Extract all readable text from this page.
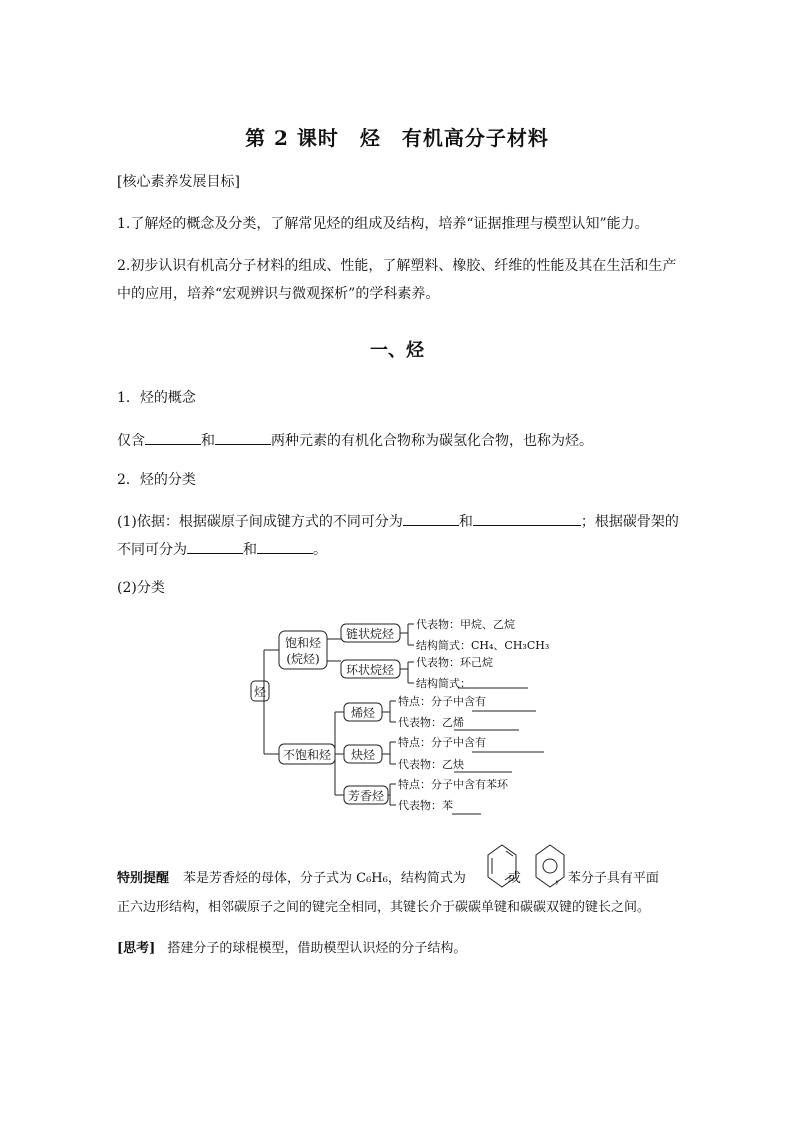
第 2 课时　烃　有机高分子材料
[核心素养发展目标]
1.了解烃的概念及分类，了解常见烃的组成及结构，培养“证据推理与模型认知”能力。
2.初步认识有机高分子材料的组成、性能，了解塑料、橡胶、纤维的性能及其在生活和生产
中的应用，培养“宏观辨识与微观探析”的学科素养。
一、烃
1．烃的概念
仅含	和	两种元素的有机化合物称为碳氢化合物，也称为烃。
2．烃的分类
(1)依据：根据碳原子间成键方式的不同可分为	和	；根据碳骨架的
不同可分为	和	。
(2)分类
烃
饱和烃
(烷烃)
链状烷烃
环状烷烃
不饱和烃
烯烃
炔烃
芳香烃
代表物：甲烷、乙烷
结构简式：CH₄、CH₃CH₃
代表物：环己烷
结构简式：
特点：分子中含有
代表物：乙烯
特点：分子中含有
代表物：乙炔
特点：分子中含有苯环
代表物：苯
特别提醒 苯是芳香烃的母体，分子式为 C₆H₆，结构简式为	或	，苯分子具有平面
正六边形结构，相邻碳原子之间的键完全相同，其键长介于碳碳单键和碳碳双键的键长之间。
[思考] 搭建分子的球棍模型，借助模型认识烃的分子结构。
